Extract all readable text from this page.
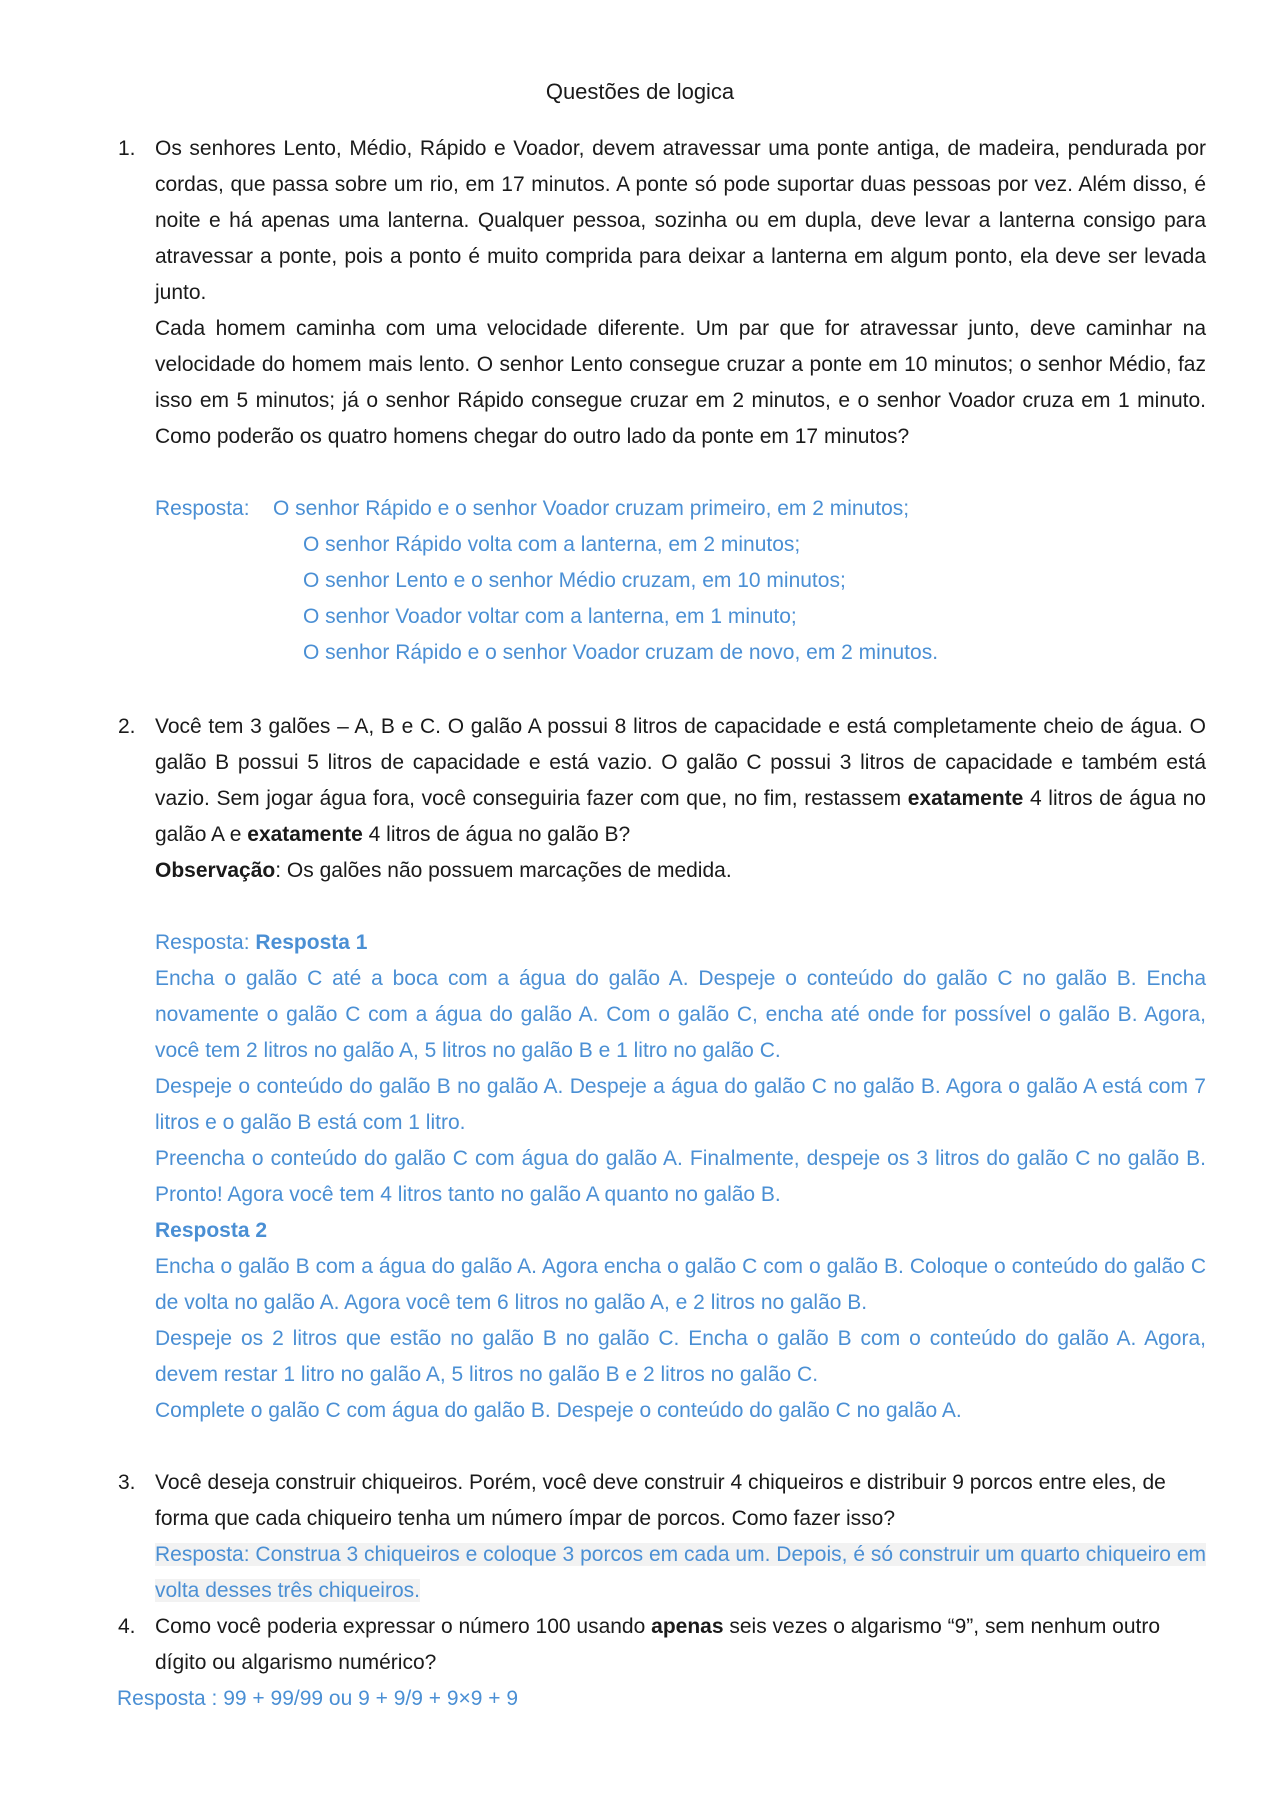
Questões de logica
1. Os senhores Lento, Médio, Rápido e Voador, devem atravessar uma ponte antiga, de madeira, pendurada por cordas, que passa sobre um rio, em 17 minutos. A ponte só pode suportar duas pessoas por vez. Além disso, é noite e há apenas uma lanterna. Qualquer pessoa, sozinha ou em dupla, deve levar a lanterna consigo para atravessar a ponte, pois a ponto é muito comprida para deixar a lanterna em algum ponto, ela deve ser levada junto.
Cada homem caminha com uma velocidade diferente. Um par que for atravessar junto, deve caminhar na velocidade do homem mais lento. O senhor Lento consegue cruzar a ponte em 10 minutos; o senhor Médio, faz isso em 5 minutos; já o senhor Rápido consegue cruzar em 2 minutos, e o senhor Voador cruza em 1 minuto. Como poderão os quatro homens chegar do outro lado da ponte em 17 minutos?
Resposta: O senhor Rápido e o senhor Voador cruzam primeiro, em 2 minutos;
O senhor Rápido volta com a lanterna, em 2 minutos;
O senhor Lento e o senhor Médio cruzam, em 10 minutos;
O senhor Voador voltar com a lanterna, em 1 minuto;
O senhor Rápido e o senhor Voador cruzam de novo, em 2 minutos.
2. Você tem 3 galões – A, B e C. O galão A possui 8 litros de capacidade e está completamente cheio de água. O galão B possui 5 litros de capacidade e está vazio. O galão C possui 3 litros de capacidade e também está vazio. Sem jogar água fora, você conseguiria fazer com que, no fim, restassem exatamente 4 litros de água no galão A e exatamente 4 litros de água no galão B?
Observação: Os galões não possuem marcações de medida.
Resposta: Resposta 1
Encha o galão C até a boca com a água do galão A. Despeje o conteúdo do galão C no galão B. Encha novamente o galão C com a água do galão A. Com o galão C, encha até onde for possível o galão B. Agora, você tem 2 litros no galão A, 5 litros no galão B e 1 litro no galão C.
Despeje o conteúdo do galão B no galão A. Despeje a água do galão C no galão B. Agora o galão A está com 7 litros e o galão B está com 1 litro.
Preencha o conteúdo do galão C com água do galão A. Finalmente, despeje os 3 litros do galão C no galão B. Pronto! Agora você tem 4 litros tanto no galão A quanto no galão B.
Resposta 2
Encha o galão B com a água do galão A. Agora encha o galão C com o galão B. Coloque o conteúdo do galão C de volta no galão A. Agora você tem 6 litros no galão A, e 2 litros no galão B.
Despeje os 2 litros que estão no galão B no galão C. Encha o galão B com o conteúdo do galão A. Agora, devem restar 1 litro no galão A, 5 litros no galão B e 2 litros no galão C.
Complete o galão C com água do galão B. Despeje o conteúdo do galão C no galão A.
3. Você deseja construir chiqueiros. Porém, você deve construir 4 chiqueiros e distribuir 9 porcos entre eles, de forma que cada chiqueiro tenha um número ímpar de porcos. Como fazer isso?
Resposta: Construa 3 chiqueiros e coloque 3 porcos em cada um. Depois, é só construir um quarto chiqueiro em volta desses três chiqueiros.
4. Como você poderia expressar o número 100 usando apenas seis vezes o algarismo “9”, sem nenhum outro dígito ou algarismo numérico?
Resposta : 99 + 99/99 ou 9 + 9/9 + 9×9 + 9
